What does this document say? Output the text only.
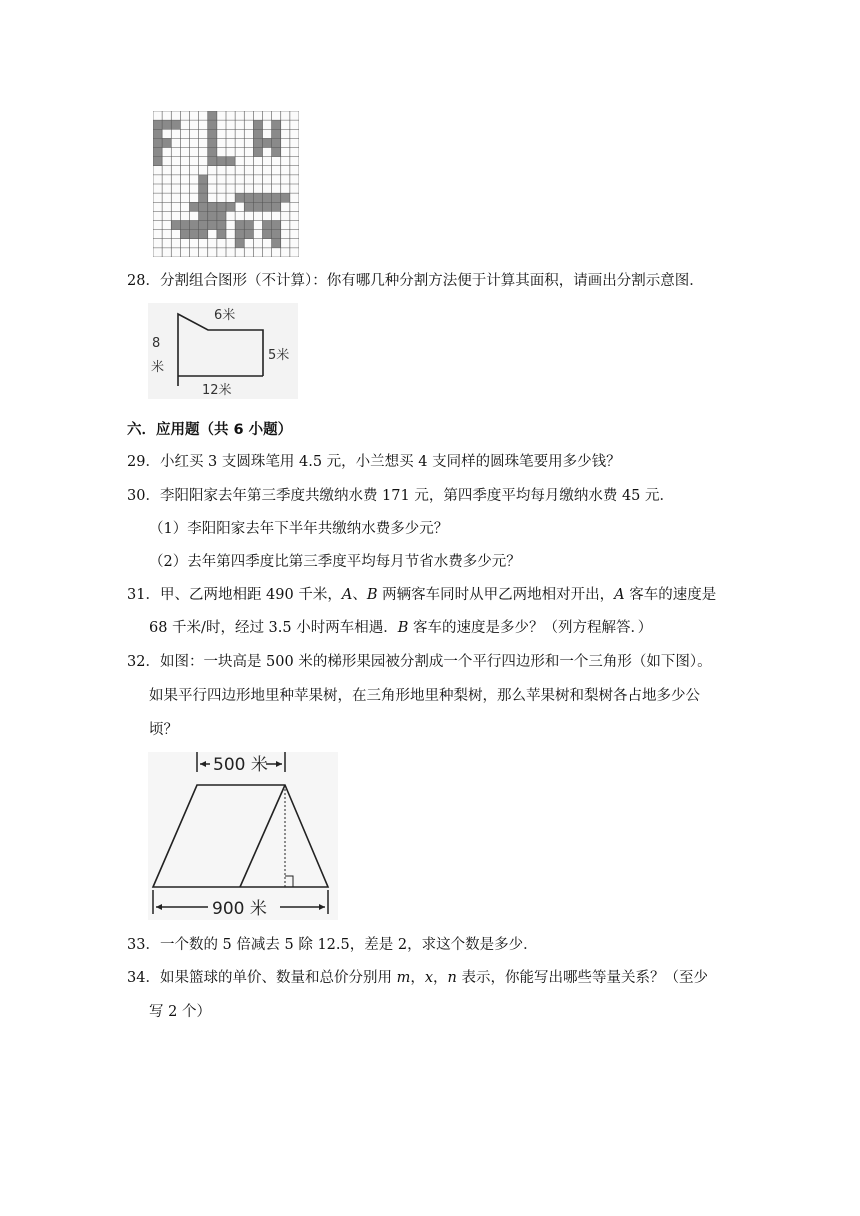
28．分割组合图形（不计算）：你有哪几种分割方法便于计算其面积，请画出分割示意图．
8
米
6米
5米
12米
六．应用题（共 6 小题）
29．小红买 3 支圆珠笔用 4.5 元，小兰想买 4 支同样的圆珠笔要用多少钱？
30．李阳阳家去年第三季度共缴纳水费 171 元，第四季度平均每月缴纳水费 45 元．
（1）李阳阳家去年下半年共缴纳水费多少元？
（2）去年第四季度比第三季度平均每月节省水费多少元？
31．甲、乙两地相距 490 千米，A、B 两辆客车同时从甲乙两地相对开出，A 客车的速度是
68 千米/时，经过 3.5 小时两车相遇．B 客车的速度是多少？（列方程解答．）
32．如图：一块高是 500 米的梯形果园被分割成一个平行四边形和一个三角形（如下图）。
如果平行四边形地里种苹果树，在三角形地里种梨树，那么苹果树和梨树各占地多少公
顷？
500 米
900 米
33．一个数的 5 倍减去 5 除 12.5，差是 2，求这个数是多少．
34．如果篮球的单价、数量和总价分别用 m，x，n 表示，你能写出哪些等量关系？（至少
写 2 个）
